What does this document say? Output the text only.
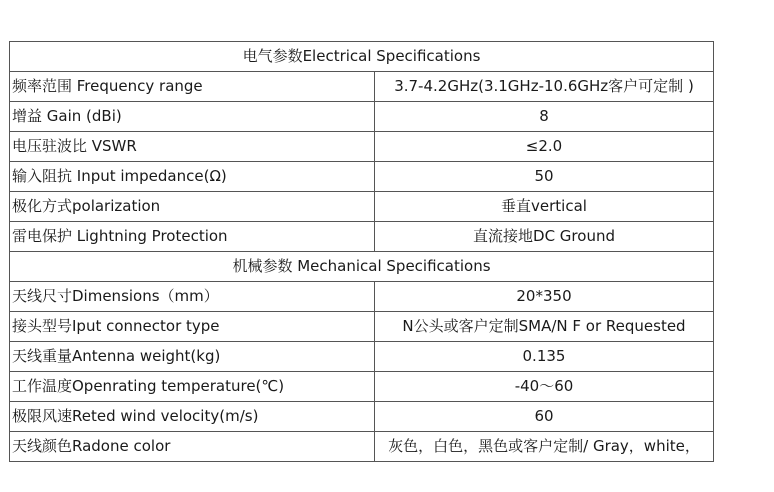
电气参数Electrical Specifications	
频率范围 Frequency range	3.7-4.2GHz(3.1GHz-10.6GHz客户可定制 )
增益 Gain (dBi)	8
电压驻波比 VSWR	≤2.0
输入阻抗 Input impedance(Ω)	50
极化方式polarization	垂直vertical
雷电保护 Lightning Protection	直流接地DC Ground
机械参数 Mechanical Specifications	
天线尺寸Dimensions（mm）	20*350
接头型号Iput connector type	N公头或客户定制SMA/N F or Requested
天线重量Antenna weight(kg)	0.135
工作温度Openrating temperature(℃)	-40～60
极限风速Reted wind velocity(m/s)	60
天线颜色Radone color	灰色，白色，黑色或客户定制/ Gray，white，
